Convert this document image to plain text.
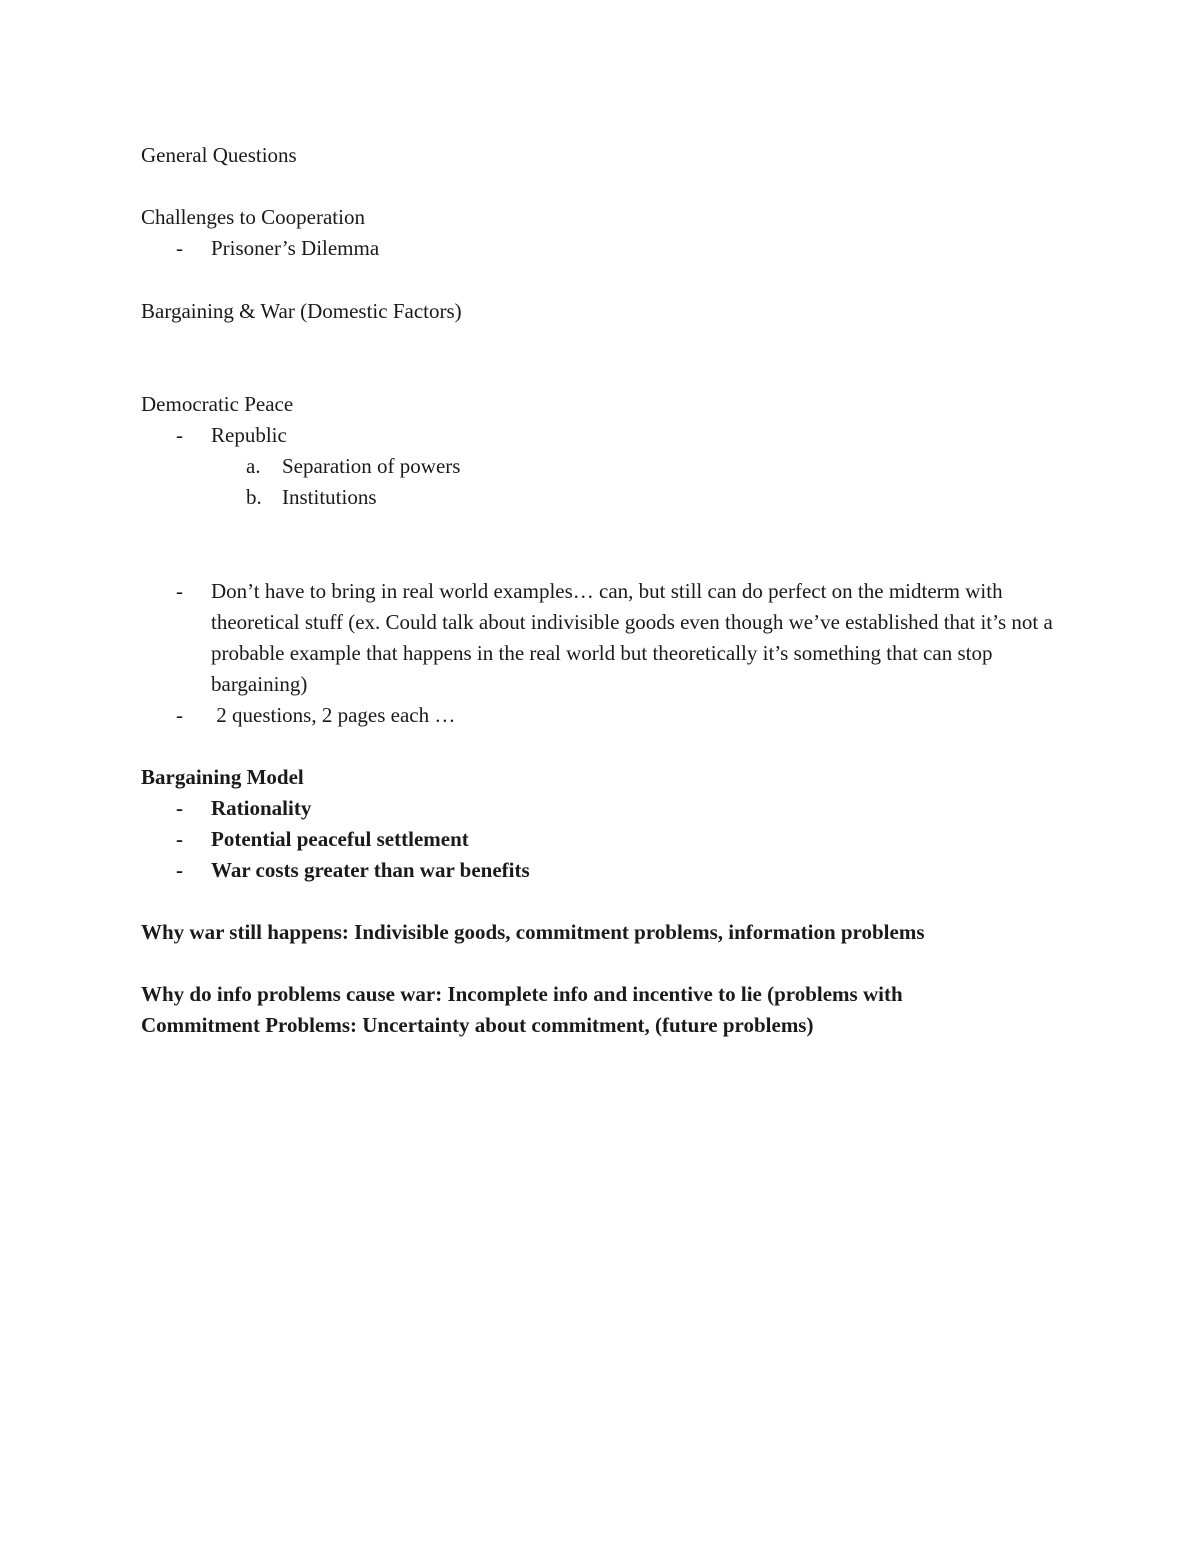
General Questions
Challenges to Cooperation
-	Prisoner’s Dilemma
Bargaining & War (Domestic Factors)
Democratic Peace
-	Republic
a.	Separation of powers
b. Institutions
-	Don’t have to bring in real world examples… can, but still can do perfect on the midterm with theoretical stuff (ex. Could talk about indivisible goods even though we’ve established that it’s not a probable example that happens in the real world but theoretically it’s something that can stop bargaining)
-	2 questions, 2 pages each …
Bargaining Model
-	Rationality
-	Potential peaceful settlement
-	War costs greater than war benefits
Why war still happens: Indivisible goods, commitment problems, information problems
Why do info problems cause war: Incomplete info and incentive to lie (problems with
Commitment Problems: Uncertainty about commitment, (future problems)
